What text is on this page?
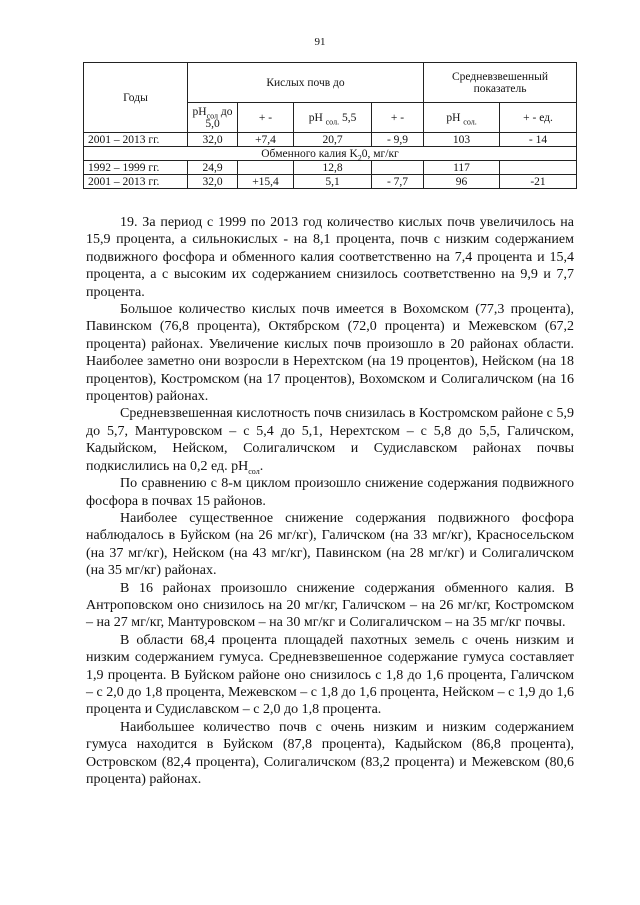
91
Годы	Кислых почв до				Средневзвешенный показатель	
	$pH_{сол}$ до 5,0	+ -	pH $_{сол.}$ 5,5	+ -	pH $_{сол.}$	+ - ед.
2001 – 2013 гг.	32,0	+7,4	20,7	- 9,9	103	- 14
Обменного калия $K_20$, мг/кг						
1992 – 1999 гг.	24,9		12,8		117	
2001 – 2013 гг.	32,0	+15,4	5,1	- 7,7	96	-21

19. За период с 1999 по 2013 год количество кислых почв увеличилось на 15,9 процента, а сильнокислых - на 8,1 процента, почв с низким содержанием подвижного фосфора и обменного калия соответственно на 7,4 процента и 15,4 процента, а с высоким их содержанием снизилось соответственно на 9,9 и 7,7 процента.

Большое количество кислых почв имеется в Вохомском (77,3 процента), Павинском (76,8 процента), Октябрском (72,0 процента) и Межевском (67,2 процента) районах. Увеличение кислых почв произошло в 20 районах области. Наиболее заметно они возросли в Нерехтском (на 19 процентов), Нейском (на 18 процентов), Костромском (на 17 процентов), Вохомском и Солигаличском (на 16 процентов) районах.

Средневзвешенная кислотность почв снизилась в Костромском районе с 5,9 до 5,7, Мантуровском – с 5,4 до 5,1, Нерехтском – с 5,8 до 5,5, Галичском, Кадыйском, Нейском, Солигаличском и Судиславском районах почвы подкислились на 0,2 ед. $pH_{сол}$.

По сравнению с 8-м циклом произошло снижение содержания подвижного фосфора в почвах 15 районов.

Наиболее существенное снижение содержания подвижного фосфора наблюдалось в Буйском (на 26 мг/кг), Галичском (на 33 мг/кг), Красносельском (на 37 мг/кг), Нейском (на 43 мг/кг), Павинском (на 28 мг/кг) и Солигаличском (на 35 мг/кг) районах.

В 16 районах произошло снижение содержания обменного калия. В Антроповском оно снизилось на 20 мг/кг, Галичском – на 26 мг/кг, Костромском – на 27 мг/кг, Мантуровском – на 30 мг/кг и Солигаличском – на 35 мг/кг почвы.

В области 68,4 процента площадей пахотных земель с очень низким и низким содержанием гумуса. Средневзвешенное содержание гумуса составляет 1,9 процента. В Буйском районе оно снизилось с 1,8 до 1,6 процента, Галичском – с 2,0 до 1,8 процента, Межевском – с 1,8 до 1,6 процента, Нейском – с 1,9 до 1,6 процента и Судиславском – с 2,0 до 1,8 процента.

Наибольшее количество почв с очень низким и низким содержанием гумуса находится в Буйском (87,8 процента), Кадыйском (86,8 процента), Островском (82,4 процента), Солигаличском (83,2 процента) и Межевском (80,6 процента) районах.
